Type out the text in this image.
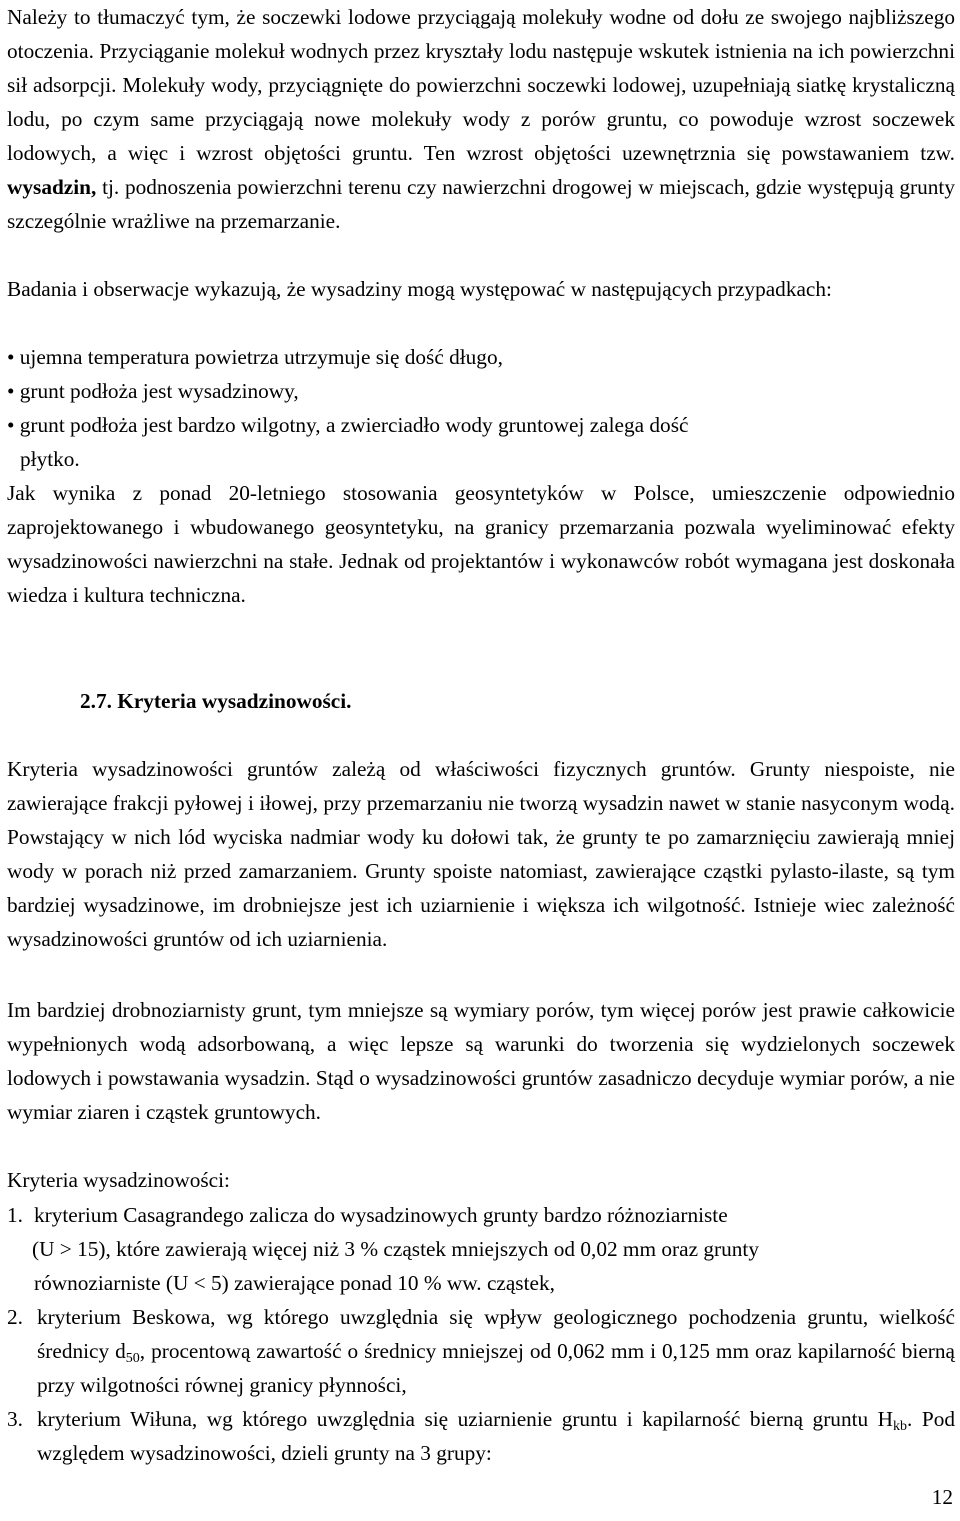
Należy to tłumaczyć tym, że soczewki lodowe przyciągają molekuły wodne od dołu ze swojego najbliższego otoczenia. Przyciąganie molekuł wodnych przez kryształy lodu następuje wskutek istnienia na ich powierzchni sił adsorpcji. Molekuły wody, przyciągnięte do powierzchni soczewki lodowej, uzupełniają siatkę krystaliczną lodu, po czym same przyciągają nowe molekuły wody z porów gruntu, co powoduje wzrost soczewek lodowych, a więc i wzrost objętości gruntu. Ten wzrost objętości uzewnętrznia się powstawaniem tzw. wysadzin, tj. podnoszenia powierzchni terenu czy nawierzchni drogowej w miejscach, gdzie występują grunty szczególnie wrażliwe na przemarzanie.

Badania i obserwacje wykazują, że wysadziny mogą występować w następujących przypadkach:

• ujemna temperatura powietrza utrzymuje się dość długo,
• grunt podłoża jest wysadzinowy,
• grunt podłoża jest bardzo wilgotny, a zwierciadło wody gruntowej zalega dość
płytko.

Jak wynika z ponad 20-letniego stosowania geosyntetyków w Polsce, umieszczenie odpowiednio zaprojektowanego i wbudowanego geosyntetyku, na granicy przemarzania pozwala wyeliminować efekty wysadzinowości nawierzchni na stałe. Jednak od projektantów i wykonawców robót wymagana jest doskonała wiedza i kultura techniczna.

2.7. Kryteria wysadzinowości.

Kryteria wysadzinowości gruntów zależą od właściwości fizycznych gruntów. Grunty niespoiste, nie zawierające frakcji pyłowej i iłowej, przy przemarzaniu nie tworzą wysadzin nawet w stanie nasyconym wodą. Powstający w nich lód wyciska nadmiar wody ku dołowi tak, że grunty te po zamarznięciu zawierają mniej wody w porach niż przed zamarzaniem. Grunty spoiste natomiast, zawierające cząstki pylasto-ilaste, są tym bardziej wysadzinowe, im drobniejsze jest ich uziarnienie i większa ich wilgotność. Istnieje wiec zależność wysadzinowości gruntów od ich uziarnienia.

Im bardziej drobnoziarnisty grunt, tym mniejsze są wymiary porów, tym więcej porów jest prawie całkowicie wypełnionych wodą adsorbowaną, a więc lepsze są warunki do tworzenia się wydzielonych soczewek lodowych i powstawania wysadzin. Stąd o wysadzinowości gruntów zasadniczo decyduje wymiar porów, a nie wymiar ziaren i cząstek gruntowych.

Kryteria wysadzinowości:
1. kryterium Casagrandego zalicza do wysadzinowych grunty bardzo różnoziarniste
(U > 15), które zawierają więcej niż 3 % cząstek mniejszych od 0,02 mm oraz grunty
równoziarniste (U < 5) zawierające ponad 10 % ww. cząstek,
2. kryterium Beskowa, wg którego uwzględnia się wpływ geologicznego pochodzenia gruntu, wielkość średnicy $d_{50}$, procentową zawartość o średnicy mniejszej od 0,062 mm i 0,125 mm oraz kapilarność bierną przy wilgotności równej granicy płynności,
3. kryterium Wiłuna, wg którego uwzględnia się uziarnienie gruntu i kapilarność bierną gruntu $H_{kb}$. Pod względem wysadzinowości, dzieli grunty na 3 grupy:
12
